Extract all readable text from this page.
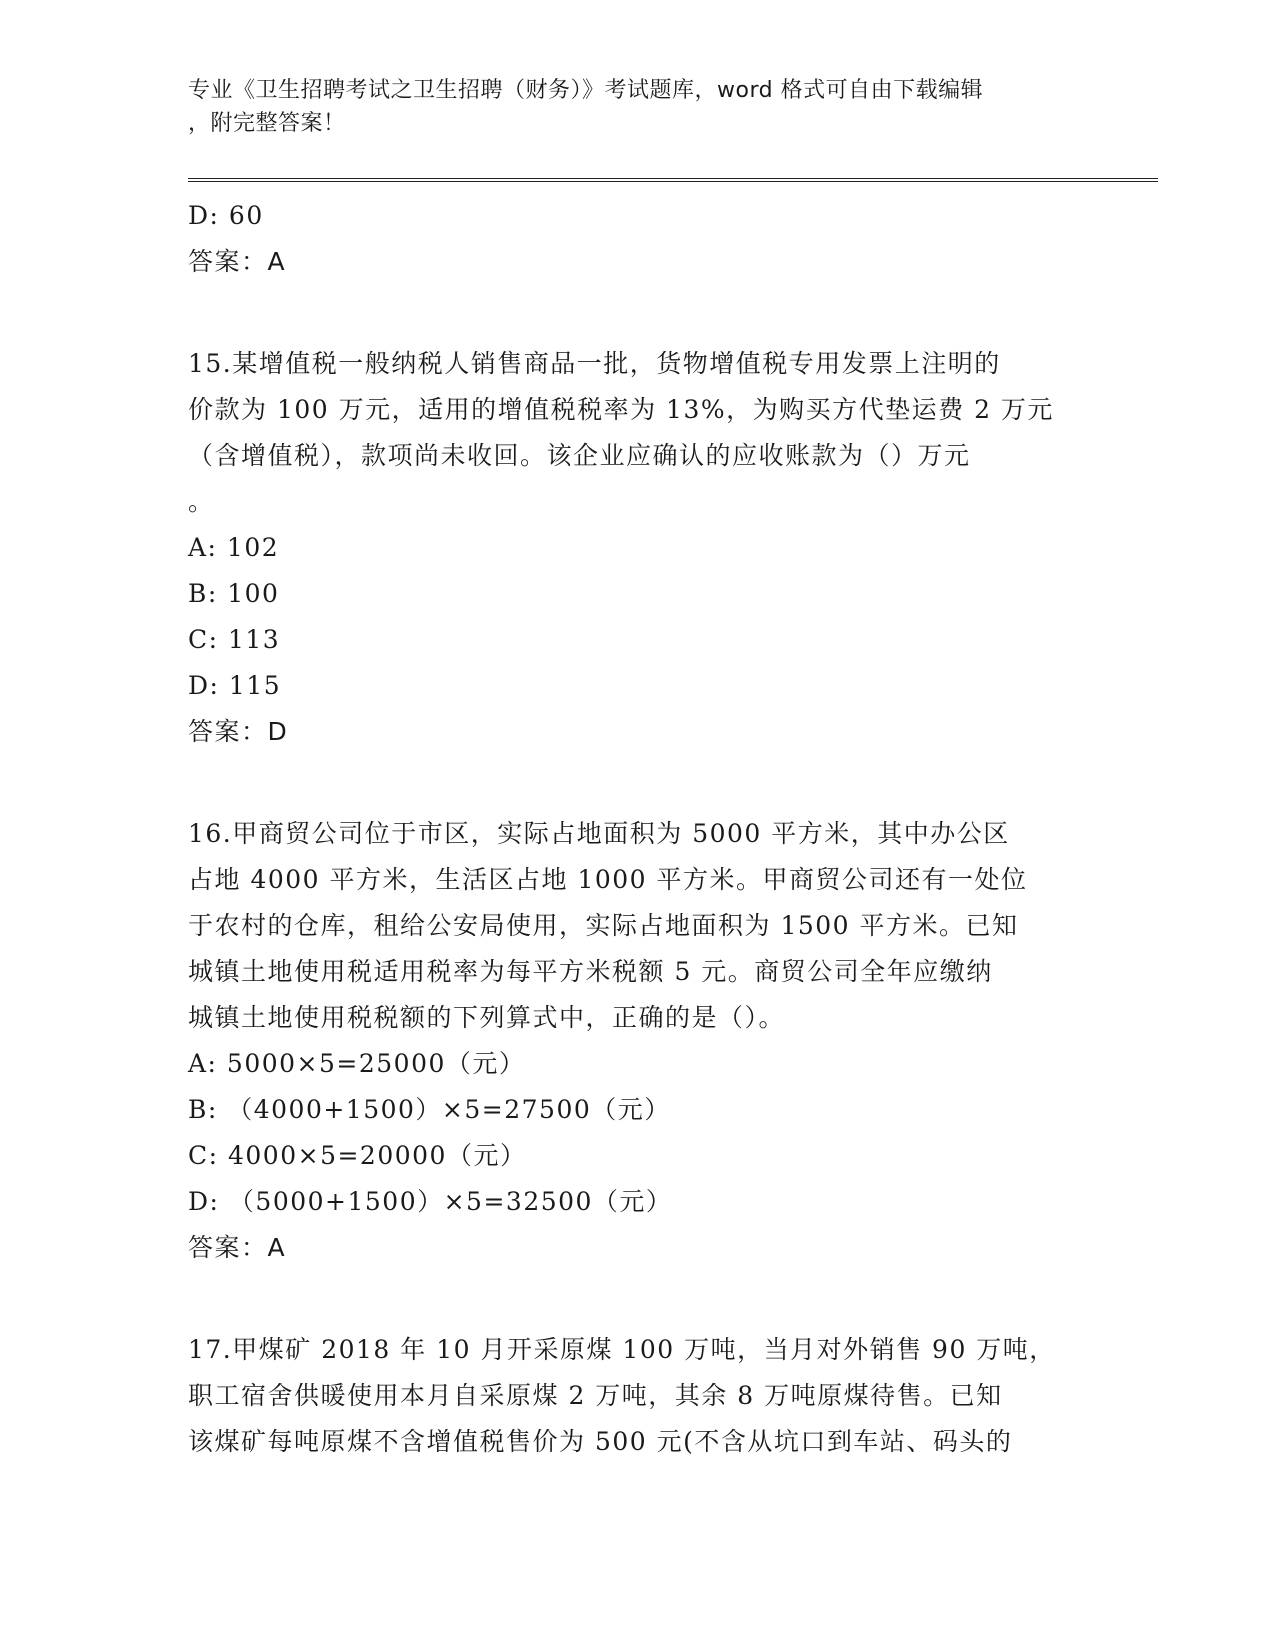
专业《卫生招聘考试之卫生招聘（财务）》考试题库，word 格式可自由下载编辑
，附完整答案！
D: 60
答案：A
15.某增值税一般纳税人销售商品一批，货物增值税专用发票上注明的
价款为 100 万元，适用的增值税税率为 13%，为购买方代垫运费 2 万元
（含增值税），款项尚未收回。该企业应确认的应收账款为（）万元
。
A: 102
B: 100
C: 113
D: 115
答案：D
16.甲商贸公司位于市区，实际占地面积为 5000 平方米，其中办公区
占地 4000 平方米，生活区占地 1000 平方米。甲商贸公司还有一处位
于农村的仓库，租给公安局使用，实际占地面积为 1500 平方米。已知
城镇土地使用税适用税率为每平方米税额 5 元。商贸公司全年应缴纳
城镇土地使用税税额的下列算式中，正确的是（）。
A: 5000×5=25000（元）
B: （4000+1500）×5=27500（元）
C: 4000×5=20000（元）
D: （5000+1500）×5=32500（元）
答案：A
17.甲煤矿 2018 年 10 月开采原煤 100 万吨，当月对外销售 90 万吨，
职工宿舍供暖使用本月自采原煤 2 万吨，其余 8 万吨原煤待售。已知
该煤矿每吨原煤不含增值税售价为 500 元(不含从坑口到车站、码头的
